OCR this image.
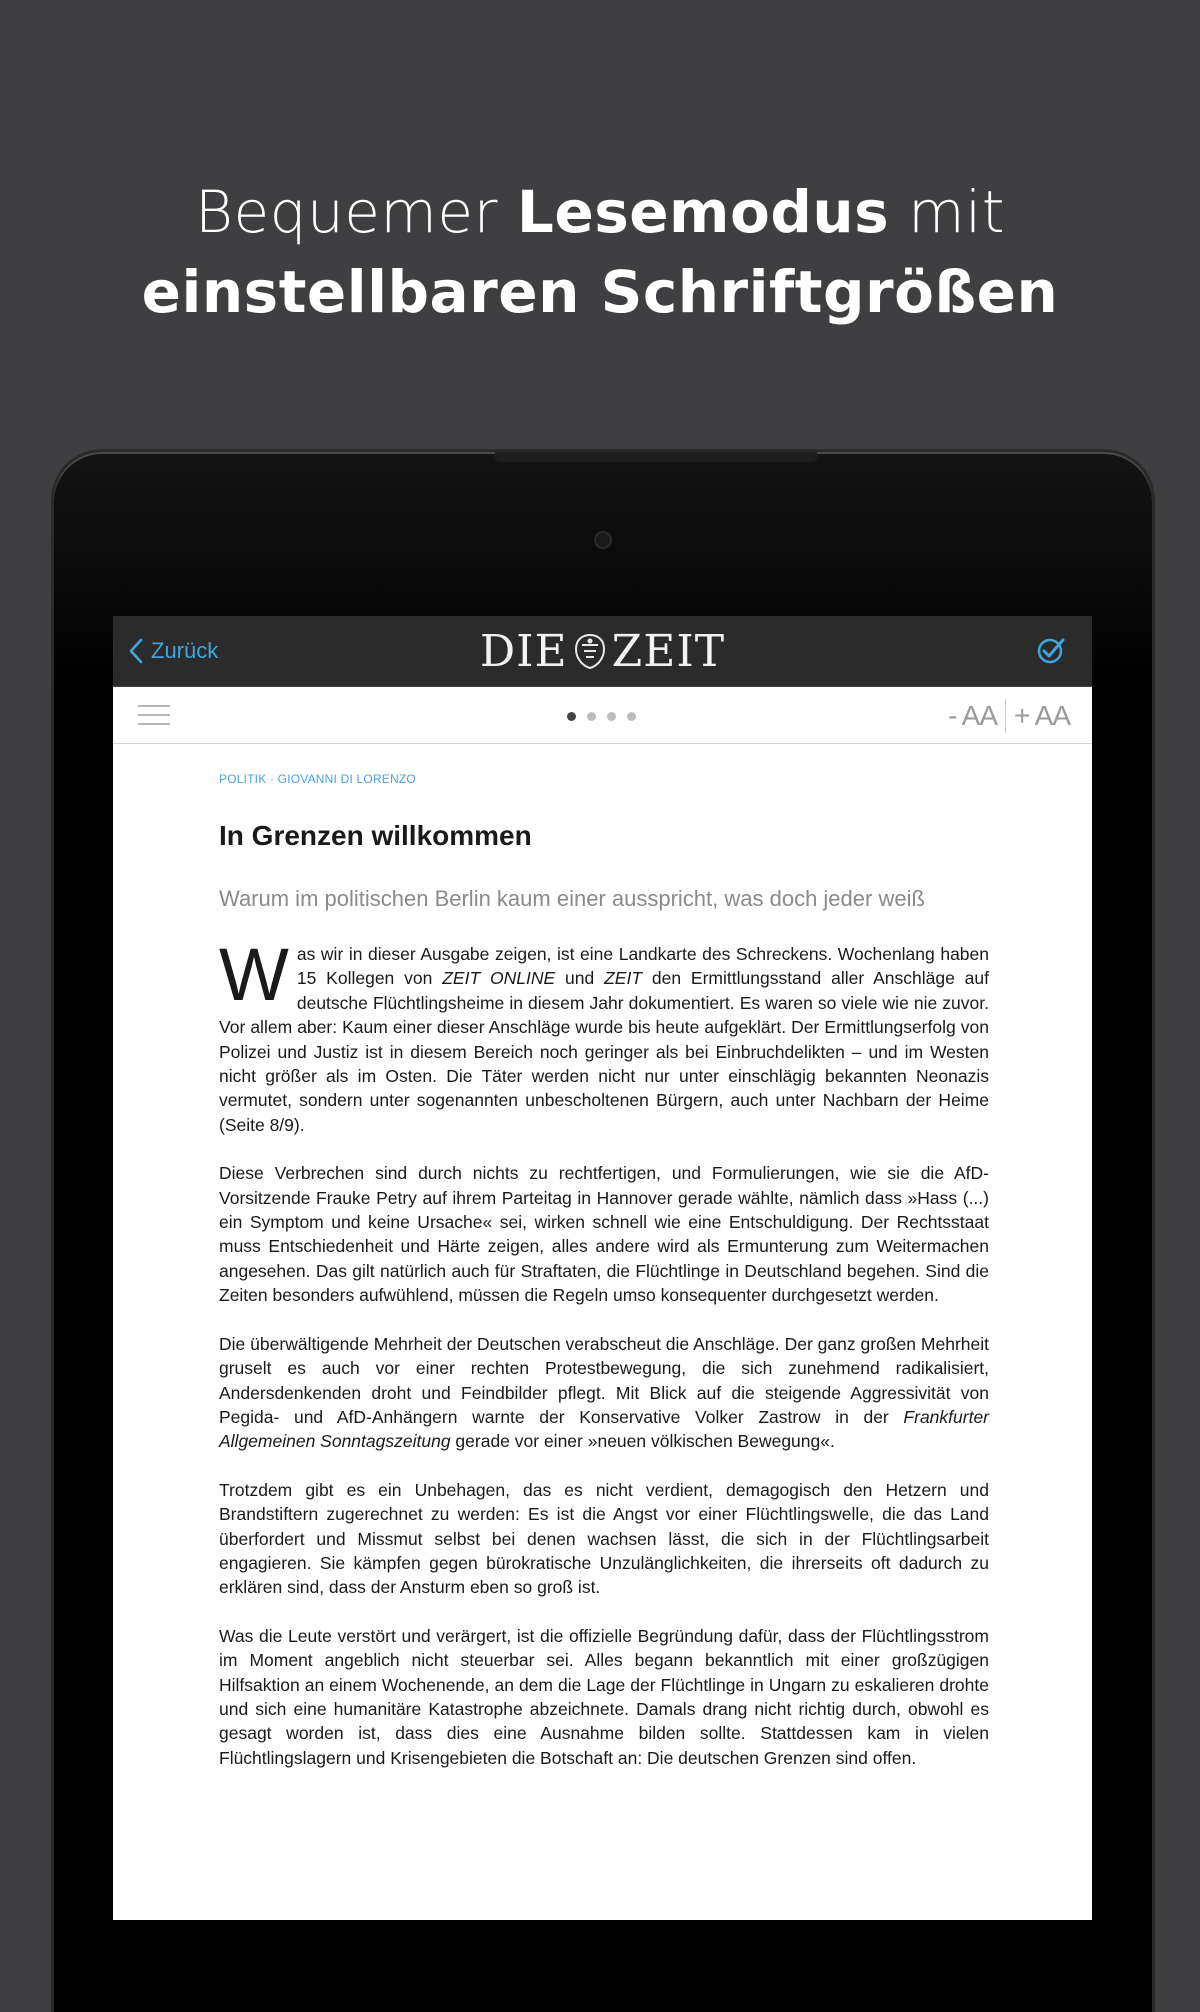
Bequemer Lesemodus mit
einstellbaren Schriftgrößen
Zurück	DIE ZEIT
- AA + AA
POLITIK · GIOVANNI DI LORENZO
In Grenzen willkommen
Warum im politischen Berlin kaum einer ausspricht, was doch jeder weiß

Was wir in dieser Ausgabe zeigen, ist eine Landkarte des Schreckens. Wochenlang haben 15 Kollegen von ZEIT ONLINE und ZEIT den Ermittlungsstand aller Anschläge auf deutsche Flüchtlingsheime in diesem Jahr dokumentiert. Es waren so viele wie nie zuvor. Vor allem aber: Kaum einer dieser Anschläge wurde bis heute aufgeklärt. Der Ermittlungserfolg von Polizei und Justiz ist in diesem Bereich noch geringer als bei Einbruchdelikten – und im Westen nicht größer als im Osten. Die Täter werden nicht nur unter einschlägig bekannten Neonazis vermutet, sondern unter sogenannten unbescholtenen Bürgern, auch unter Nachbarn der Heime (Seite 8/9).

Diese Verbrechen sind durch nichts zu rechtfertigen, und Formulierungen, wie sie die AfD-Vorsitzende Frauke Petry auf ihrem Parteitag in Hannover gerade wählte, nämlich dass »Hass (...) ein Symptom und keine Ursache« sei, wirken schnell wie eine Entschuldigung. Der Rechtsstaat muss Entschiedenheit und Härte zeigen, alles andere wird als Ermunterung zum Weitermachen angesehen. Das gilt natürlich auch für Straftaten, die Flüchtlinge in Deutschland begehen. Sind die Zeiten besonders aufwühlend, müssen die Regeln umso konsequenter durchgesetzt werden.

Die überwältigende Mehrheit der Deutschen verabscheut die Anschläge. Der ganz großen Mehrheit gruselt es auch vor einer rechten Protestbewegung, die sich zunehmend radikalisiert, Andersdenkenden droht und Feindbilder pflegt. Mit Blick auf die steigende Aggressivität von Pegida- und AfD-Anhängern warnte der Konservative Volker Zastrow in der Frankfurter Allgemeinen Sonntagszeitung gerade vor einer »neuen völkischen Bewegung«.

Trotzdem gibt es ein Unbehagen, das es nicht verdient, demagogisch den Hetzern und Brandstiftern zugerechnet zu werden: Es ist die Angst vor einer Flüchtlingswelle, die das Land überfordert und Missmut selbst bei denen wachsen lässt, die sich in der Flüchtlingsarbeit engagieren. Sie kämpfen gegen bürokratische Unzulänglichkeiten, die ihrerseits oft dadurch zu erklären sind, dass der Ansturm eben so groß ist.

Was die Leute verstört und verärgert, ist die offizielle Begründung dafür, dass der Flüchtlingsstrom im Moment angeblich nicht steuerbar sei. Alles begann bekanntlich mit einer großzügigen Hilfsaktion an einem Wochenende, an dem die Lage der Flüchtlinge in Ungarn zu eskalieren drohte und sich eine humanitäre Katastrophe abzeichnete. Damals drang nicht richtig durch, obwohl es gesagt worden ist, dass dies eine Ausnahme bilden sollte. Stattdessen kam in vielen Flüchtlingslagern und Krisengebieten die Botschaft an: Die deutschen Grenzen sind offen.
